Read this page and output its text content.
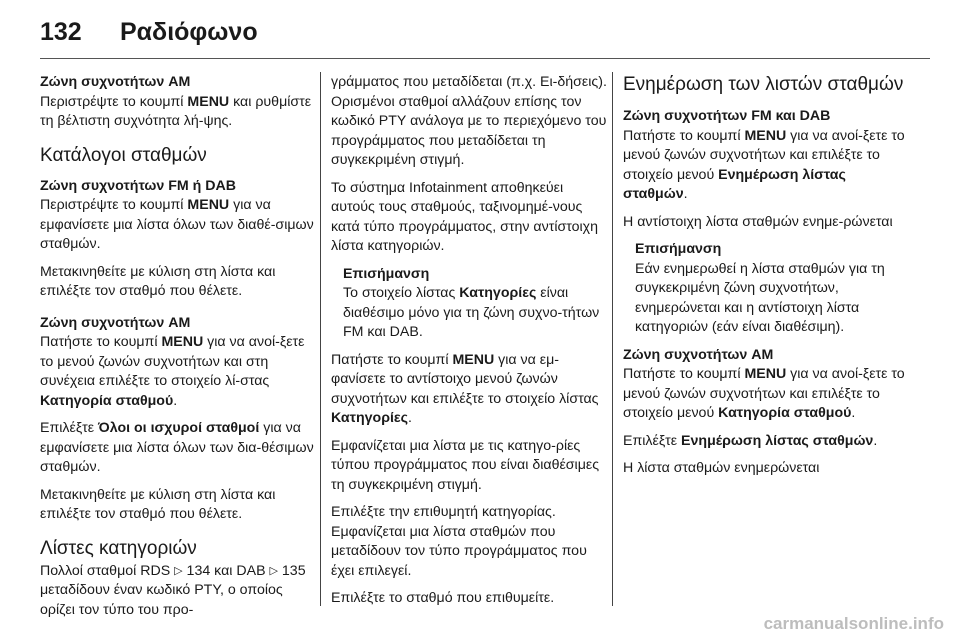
132 Ραδιόφωνο

Ζώνη συχνοτήτων AM
Περιστρέψτε το κουμπί MENU και ρυθμίστε τη βέλτιστη συχνότητα λή-ψης.

Κατάλογοι σταθμών

Ζώνη συχνοτήτων FM ή DAB
Περιστρέψτε το κουμπί MENU για να εμφανίσετε μια λίστα όλων των διαθέ-σιμων σταθμών.

Μετακινηθείτε με κύλιση στη λίστα και επιλέξτε τον σταθμό που θέλετε.

Ζώνη συχνοτήτων AM
Πατήστε το κουμπί MENU για να ανοί-ξετε το μενού ζωνών συχνοτήτων και στη συνέχεια επιλέξτε το στοιχείο λί-στας Κατηγορία σταθμού.

Επιλέξτε Όλοι οι ισχυροί σταθμοί για να εμφανίσετε μια λίστα όλων των δια-θέσιμων σταθμών.

Μετακινηθείτε με κύλιση στη λίστα και επιλέξτε τον σταθμό που θέλετε.

Λίστες κατηγοριών

Πολλοί σταθμοί RDS ▷ 134 και DAB ▷ 135 μεταδίδουν έναν κωδικό PTY, ο οποίος ορίζει τον τύπο του προ-

γράμματος που μεταδίδεται (π.χ. Ει-δήσεις). Ορισμένοι σταθμοί αλλάζουν επίσης τον κωδικό PTY ανάλογα με το περιεχόμενο του προγράμματος που μεταδίδεται τη συγκεκριμένη στιγμή.

Το σύστημα Infotainment αποθηκεύει αυτούς τους σταθμούς, ταξινομημέ-νους κατά τύπο προγράμματος, στην αντίστοιχη λίστα κατηγοριών.

Επισήμανση
Το στοιχείο λίστας Κατηγορίες είναι διαθέσιμο μόνο για τη ζώνη συχνο-τήτων FM και DAB.

Πατήστε το κουμπί MENU για να εμ-φανίσετε το αντίστοιχο μενού ζωνών συχνοτήτων και επιλέξτε το στοιχείο λίστας Κατηγορίες.

Εμφανίζεται μια λίστα με τις κατηγο-ρίες τύπου προγράμματος που είναι διαθέσιμες τη συγκεκριμένη στιγμή.

Επιλέξτε την επιθυμητή κατηγορίας. Εμφανίζεται μια λίστα σταθμών που μεταδίδουν τον τύπο προγράμματος που έχει επιλεγεί.

Επιλέξτε το σταθμό που επιθυμείτε.

Ενημέρωση των λιστών σταθμών

Ζώνη συχνοτήτων FM και DAB
Πατήστε το κουμπί MENU για να ανοί-ξετε το μενού ζωνών συχνοτήτων και επιλέξτε το στοιχείο μενού Ενημέρωση λίστας σταθμών.

Η αντίστοιχη λίστα σταθμών ενημε-ρώνεται

Επισήμανση
Εάν ενημερωθεί η λίστα σταθμών για τη συγκεκριμένη ζώνη συχνοτήτων, ενημερώνεται και η αντίστοιχη λίστα κατηγοριών (εάν είναι διαθέσιμη).

Ζώνη συχνοτήτων AM
Πατήστε το κουμπί MENU για να ανοί-ξετε το μενού ζωνών συχνοτήτων και επιλέξτε το στοιχείο μενού Κατηγορία σταθμού.

Επιλέξτε Ενημέρωση λίστας σταθμών.

Η λίστα σταθμών ενημερώνεται

carmanualsonline.info
